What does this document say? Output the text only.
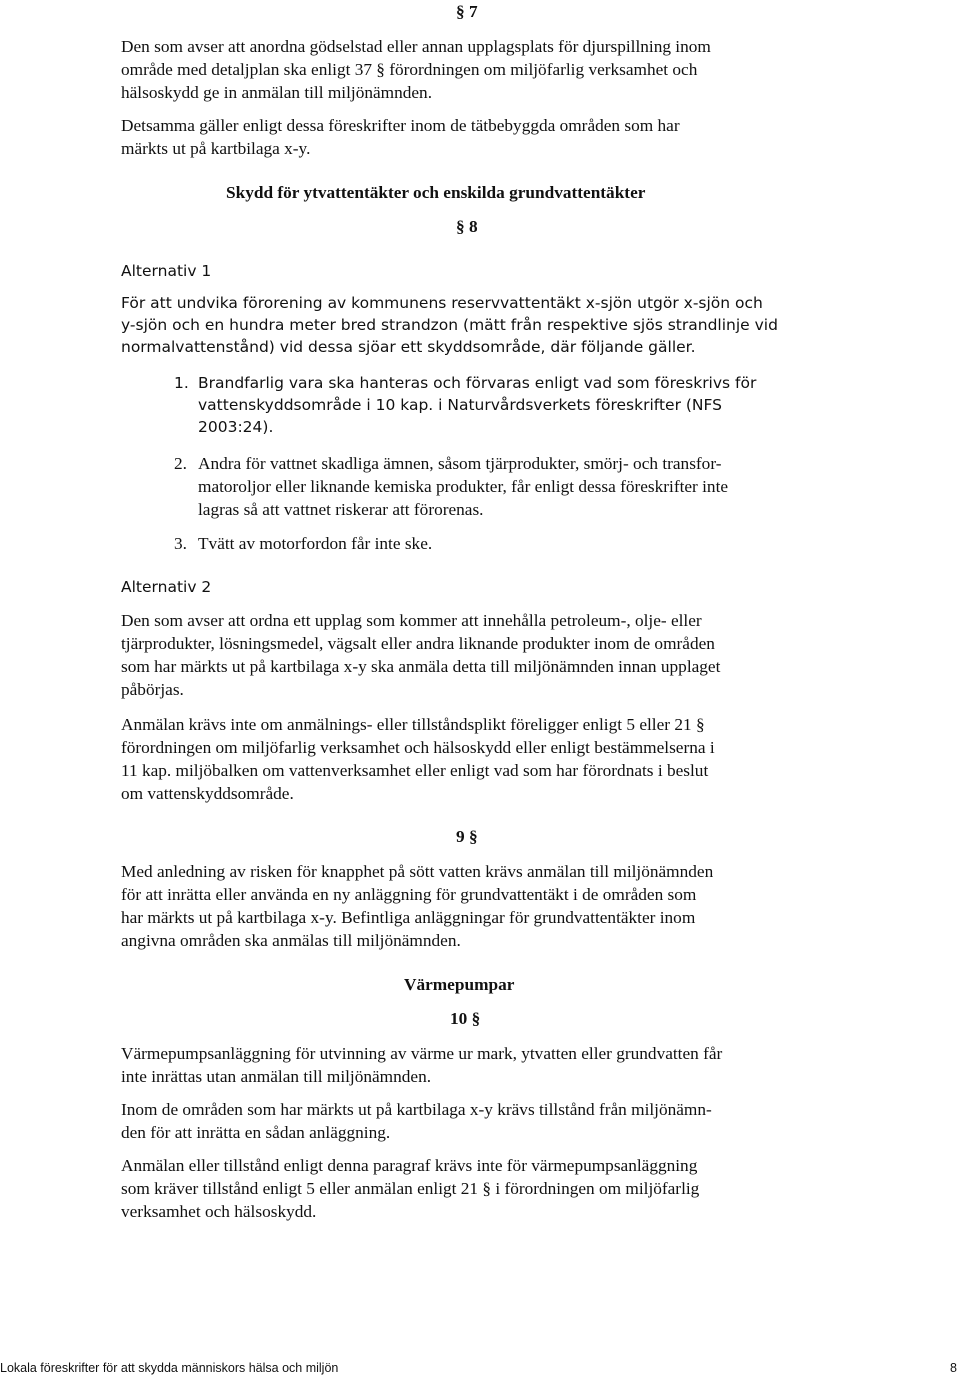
§ 7
Den som avser att anordna gödselstad eller annan upplagsplats för djurspillning inom
område med detaljplan ska enligt 37 § förordningen om miljöfarlig verksamhet och
hälsoskydd ge in anmälan till miljönämnden.
Detsamma gäller enligt dessa föreskrifter inom de tätbebyggda områden som har
märkts ut på kartbilaga x-y.
Skydd för ytvattentäkter och enskilda grundvattentäkter
§ 8
Alternativ 1
För att undvika förorening av kommunens reservvattentäkt x-sjön utgör x-sjön och
y-sjön och en hundra meter bred strandzon (mätt från respektive sjös strandlinje vid
normalvattenstånd) vid dessa sjöar ett skyddsområde, där följande gäller.
1. Brandfarlig vara ska hanteras och förvaras enligt vad som föreskrivs för
vattenskyddsområde i 10 kap. i Naturvårdsverkets föreskrifter (NFS
2003:24).
2. Andra för vattnet skadliga ämnen, såsom tjärprodukter, smörj- och transfor-
matoroljor eller liknande kemiska produkter, får enligt dessa föreskrifter inte
lagras så att vattnet riskerar att förorenas.
3. Tvätt av motorfordon får inte ske.
Alternativ 2
Den som avser att ordna ett upplag som kommer att innehålla petroleum-, olje- eller
tjärprodukter, lösningsmedel, vägsalt eller andra liknande produkter inom de områden
som har märkts ut på kartbilaga x-y ska anmäla detta till miljönämnden innan upplaget
påbörjas.
Anmälan krävs inte om anmälnings- eller tillståndsplikt föreligger enligt 5 eller 21 §
förordningen om miljöfarlig verksamhet och hälsoskydd eller enligt bestämmelserna i
11 kap. miljöbalken om vattenverksamhet eller enligt vad som har förordnats i beslut
om vattenskyddsområde.
9 §
Med anledning av risken för knapphet på sött vatten krävs anmälan till miljönämnden
för att inrätta eller använda en ny anläggning för grundvattentäkt i de områden som
har märkts ut på kartbilaga x-y. Befintliga anläggningar för grundvattentäkter inom
angivna områden ska anmälas till miljönämnden.
Värmepumpar
10 §
Värmepumpsanläggning för utvinning av värme ur mark, ytvatten eller grundvatten får
inte inrättas utan anmälan till miljönämnden.
Inom de områden som har märkts ut på kartbilaga x-y krävs tillstånd från miljönämn-
den för att inrätta en sådan anläggning.
Anmälan eller tillstånd enligt denna paragraf krävs inte för värmepumpsanläggning
som kräver tillstånd enligt 5 eller anmälan enligt 21 § i förordningen om miljöfarlig
verksamhet och hälsoskydd.
Lokala föreskrifter för att skydda människors hälsa och miljön	8
